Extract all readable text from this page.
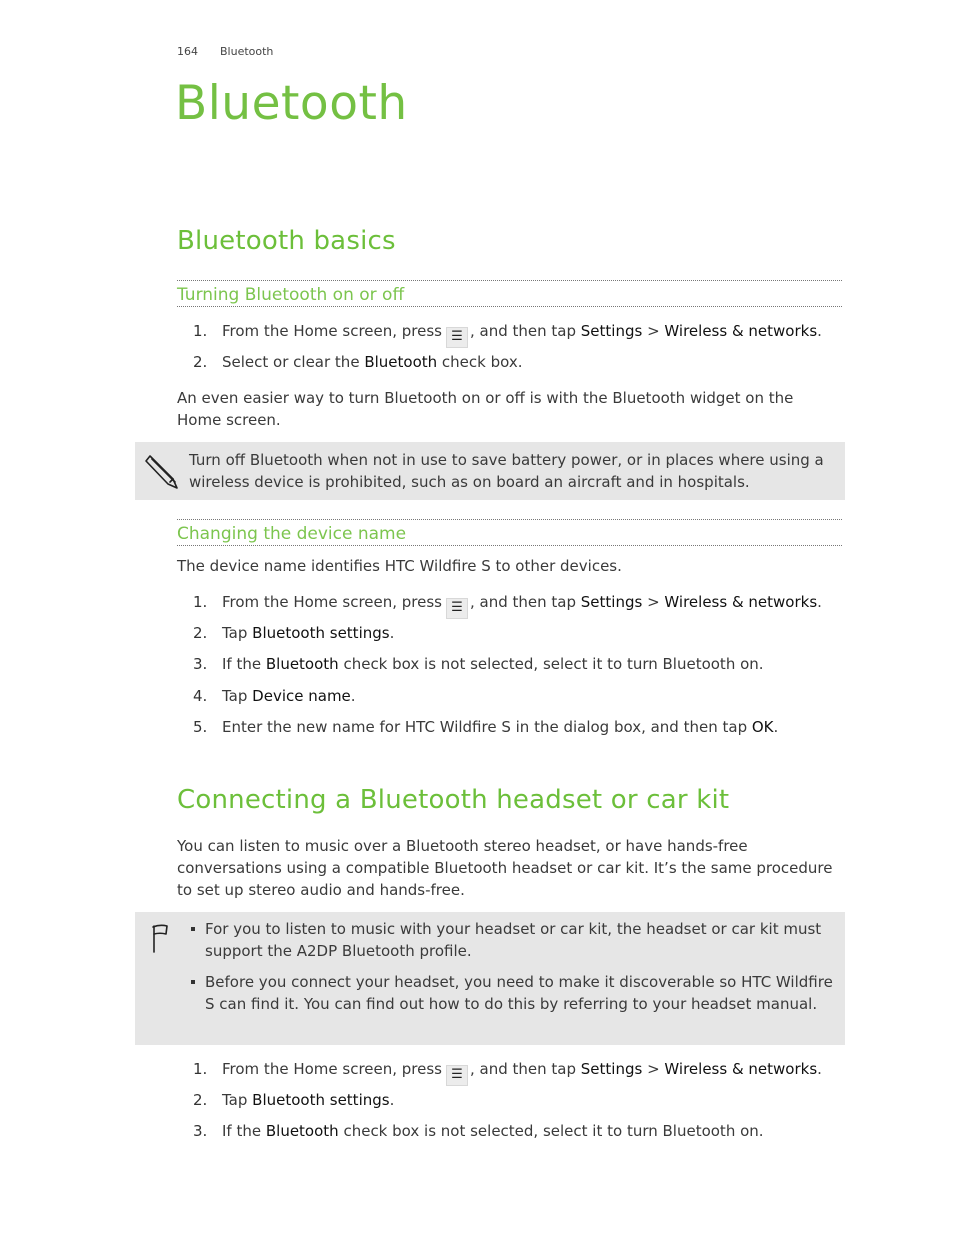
164 Bluetooth
Bluetooth
Bluetooth basics
Turning Bluetooth on or off
1. From the Home screen, press ☰ , and then tap Settings > Wireless & networks.
2. Select or clear the Bluetooth check box.

An even easier way to turn Bluetooth on or off is with the Bluetooth widget on the Home screen.

Turn off Bluetooth when not in use to save battery power, or in places where using a wireless device is prohibited, such as on board an aircraft and in hospitals.
Changing the device name

The device name identifies HTC Wildfire S to other devices.

1. From the Home screen, press ☰ , and then tap Settings > Wireless & networks.
2. Tap Bluetooth settings.
3. If the Bluetooth check box is not selected, select it to turn Bluetooth on.
4. Tap Device name.
5. Enter the new name for HTC Wildfire S in the dialog box, and then tap OK.
Connecting a Bluetooth headset or car kit

You can listen to music over a Bluetooth stereo headset, or have hands-free conversations using a compatible Bluetooth headset or car kit. It’s the same procedure to set up stereo audio and hands-free.

For you to listen to music with your headset or car kit, the headset or car kit must support the A2DP Bluetooth profile.
Before you connect your headset, you need to make it discoverable so HTC Wildfire S can find it. You can find out how to do this by referring to your headset manual.
1. From the Home screen, press ☰ , and then tap Settings > Wireless & networks.
2. Tap Bluetooth settings.
3. If the Bluetooth check box is not selected, select it to turn Bluetooth on.
